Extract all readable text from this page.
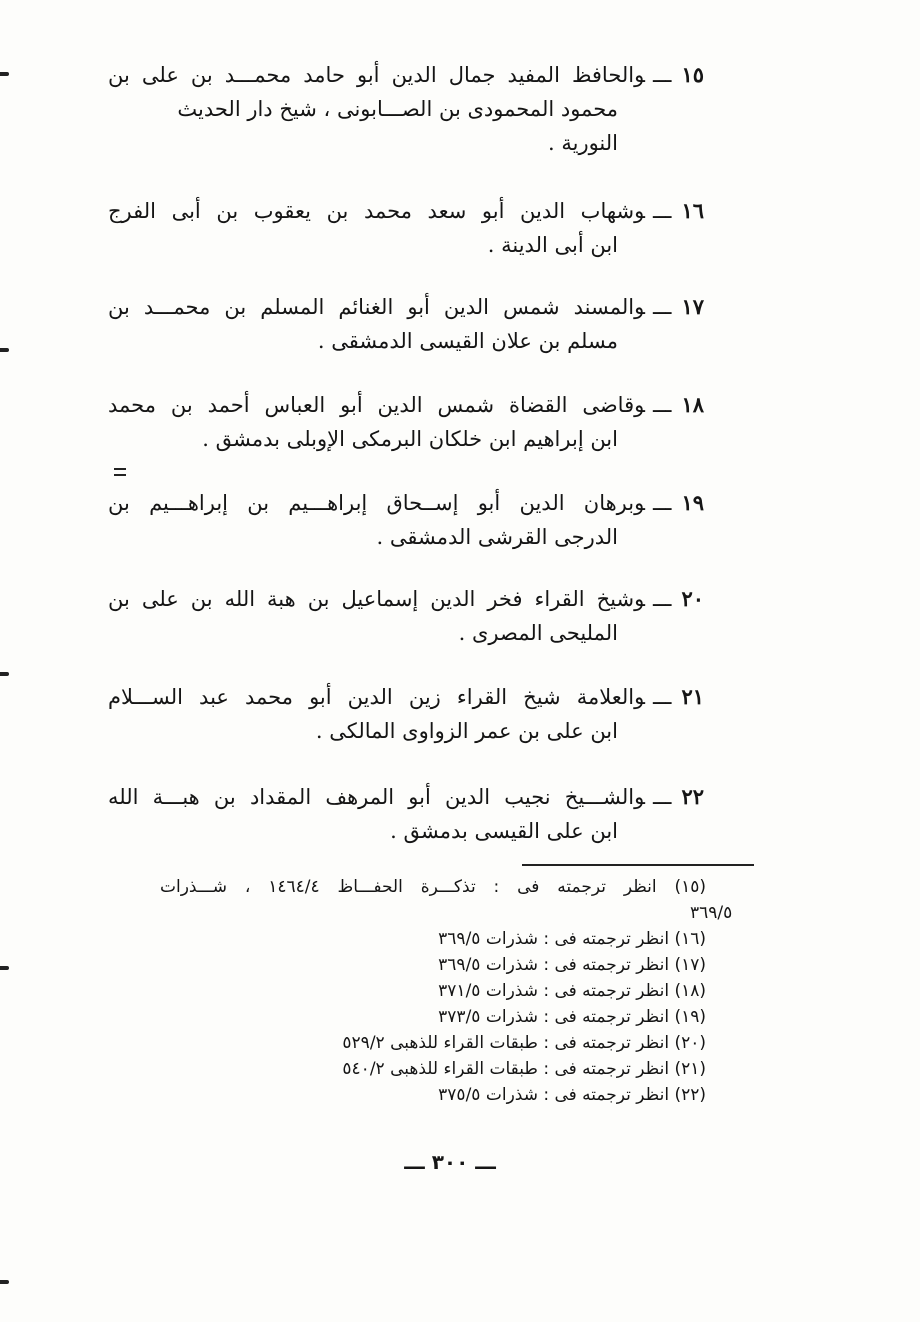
١٥ـــوالحافظ المفيد جمال الدين أبو حامد محمـــد بن على بن
محمود المحمودى بن الصـــابونى ، شيخ دار الحديث
النورية .
١٦ـــوشهاب الدين أبو سعد محمد بن يعقوب بن أبى الفرج
ابن أبى الدينة .
١٧ـــوالمسند شمس الدين أبو الغنائم المسلم بن محمـــد بن
مسلم بن علان القيسى الدمشقى .
١٨ـــوقاضى القضاة شمس الدين أبو العباس أحمد بن محمد
ابن إبراهيم ابن خلكان البرمكى الإوبلى بدمشق .
١٩ـــوبرهان الدين أبو إســحاق إبراهـــيم بن إبراهـــيم بن
الدرجى القرشى الدمشقى .
٢٠ـــوشيخ القراء فخر الدين إسماعيل بن هبة الله بن على بن
المليحى المصرى .
٢١ـــوالعلامة شيخ القراء زين الدين أبو محمد عبد الســـلام
ابن على بن عمر الزواوى المالكى .
٢٢ـــوالشـــيخ نجيب الدين أبو المرهف المقداد بن هبـــة الله
ابن على القيسى بدمشق .
(١٥) انظر ترجمته فى : تذكـــرة الحفـــاظ ١٤٦٤/٤ ، شـــذرات
٣٦٩/٥
(١٦) انظر ترجمته فى : شذرات ٣٦٩/٥
(١٧) انظر ترجمته فى : شذرات ٣٦٩/٥
(١٨) انظر ترجمته فى : شذرات ٣٧١/٥
(١٩) انظر ترجمته فى : شذرات ٣٧٣/٥
(٢٠) انظر ترجمته فى : طبقات القراء للذهبى ٥٢٩/٢
(٢١) انظر ترجمته فى : طبقات القراء للذهبى ٥٤٠/٢
(٢٢) انظر ترجمته فى : شذرات ٣٧٥/٥
ـــ ٣٠٠ ـــ
